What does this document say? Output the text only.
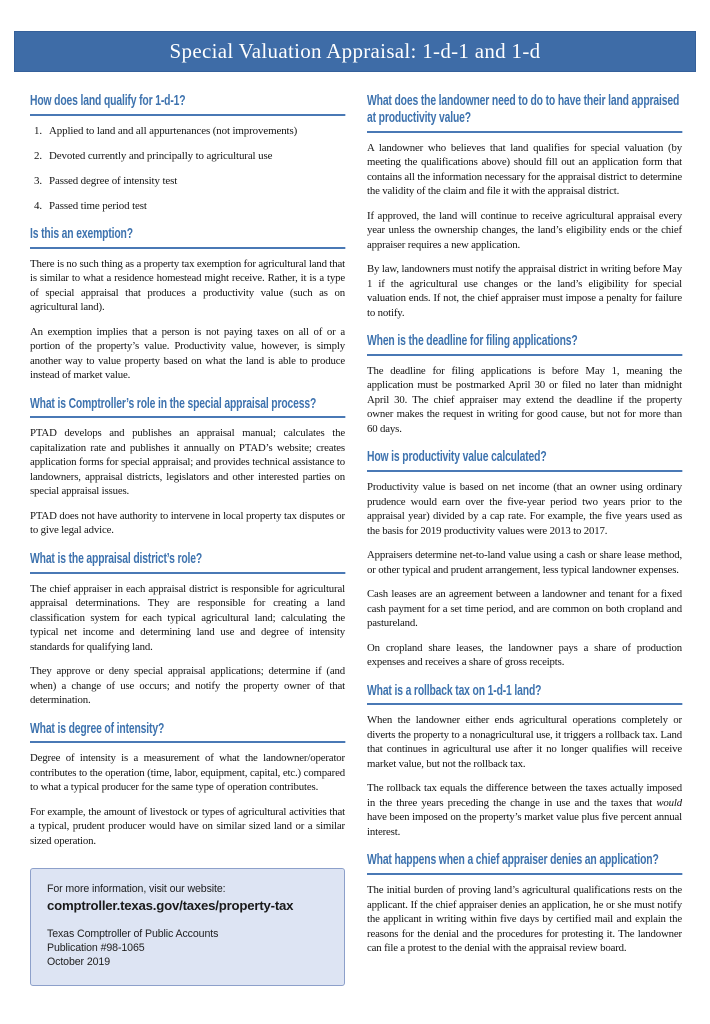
Special Valuation Appraisal: 1-d-1 and 1-d
How does land qualify for 1-d-1?
Applied to land and all appurtenances (not improvements)
Devoted currently and principally to agricultural use
Passed degree of intensity test
Passed time period test
Is this an exemption?

There is no such thing as a property tax exemption for agricultural land that is similar to what a residence homestead might receive. Rather, it is a type of special appraisal that produces a productivity value (such as on agricultural land).

An exemption implies that a person is not paying taxes on all of or a portion of the property’s value. Productivity value, however, is simply another way to value property based on what the land is able to produce instead of market value.

What is Comptroller’s role in the special appraisal process?

PTAD develops and publishes an appraisal manual; calculates the capitalization rate and publishes it annually on PTAD’s website; creates application forms for special appraisal; and provides technical assistance to landowners, appraisal districts, legislators and other interested parties on special appraisal issues.

PTAD does not have authority to intervene in local property tax disputes or to give legal advice.

What is the appraisal district’s role?

The chief appraiser in each appraisal district is responsible for agricultural appraisal determinations. They are responsible for creating a land classification system for each typical agricultural land; calculating the typical net income and determining land use and degree of intensity standards for qualifying land.

They approve or deny special appraisal applications; determine if (and when) a change of use occurs; and notify the property owner of that determination.

What is degree of intensity?

Degree of intensity is a measurement of what the landowner/operator contributes to the operation (time, labor, equipment, capital, etc.) compared to what a typical producer for the same type of operation contributes.

For example, the amount of livestock or types of agricultural activities that a typical, prudent producer would have on similar sized land or a similar sized operation.

For more information, visit our website:

comptroller.texas.gov/taxes/property-tax

Texas Comptroller of Public Accounts

Publication #98-1065

October 2019

What does the landowner need to do to have their land appraised at productivity value?

A landowner who believes that land qualifies for special valuation (by meeting the qualifications above) should fill out an application form that contains all the information necessary for the appraisal district to determine the validity of the claim and file it with the appraisal district.

If approved, the land will continue to receive agricultural appraisal every year unless the ownership changes, the land’s eligibility ends or the chief appraiser requires a new application.

By law, landowners must notify the appraisal district in writing before May 1 if the agricultural use changes or the land’s eligibility for special valuation ends. If not, the chief appraiser must impose a penalty for failure to notify.

When is the deadline for filing applications?

The deadline for filing applications is before May 1, meaning the application must be postmarked April 30 or filed no later than midnight April 30. The chief appraiser may extend the deadline if the property owner makes the request in writing for good cause, but not for more than 60 days.

How is productivity value calculated?

Productivity value is based on net income (that an owner using ordinary prudence would earn over the five-year period two years prior to the appraisal year) divided by a cap rate. For example, the five years used as the basis for 2019 productivity values were 2013 to 2017.

Appraisers determine net-to-land value using a cash or share lease method, or other typical and prudent arrangement, less typical landowner expenses.

Cash leases are an agreement between a landowner and tenant for a fixed cash payment for a set time period, and are common on both cropland and pastureland.

On cropland share leases, the landowner pays a share of production expenses and receives a share of gross receipts.

What is a rollback tax on 1-d-1 land?

When the landowner either ends agricultural operations completely or diverts the property to a nonagricultural use, it triggers a rollback tax. Land that continues in agricultural use after it no longer qualifies will receive market value, but not the rollback tax.

The rollback tax equals the difference between the taxes actually imposed in the three years preceding the change in use and the taxes that would have been imposed on the property’s market value plus five percent annual interest.

What happens when a chief appraiser denies an application?

The initial burden of proving land’s agricultural qualifications rests on the applicant. If the chief appraiser denies an application, he or she must notify the applicant in writing within five days by certified mail and explain the reasons for the denial and the procedures for protesting it. The landowner can file a protest to the denial with the appraisal review board.
